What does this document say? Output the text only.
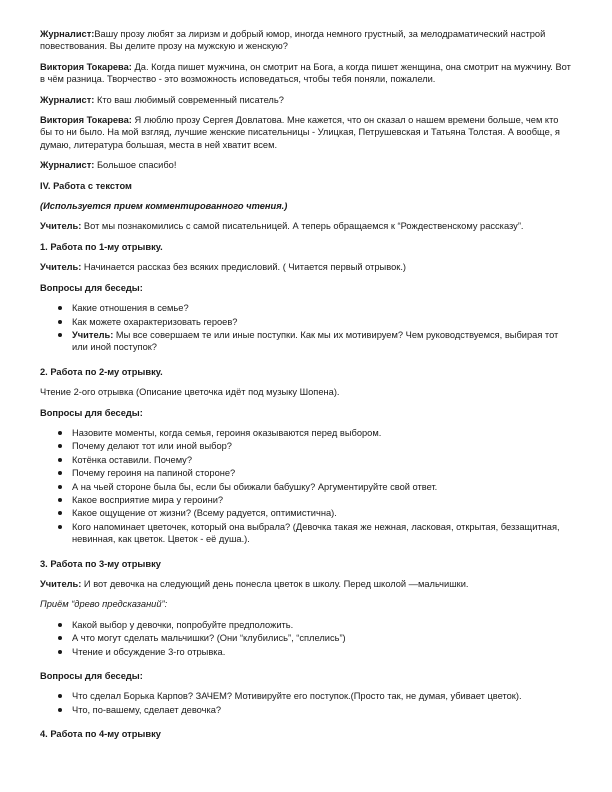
Журналист:Вашу прозу любят за лиризм и добрый юмор, иногда немного грустный, за мелодраматический настрой повествования. Вы делите прозу на мужскую и женскую?

Виктория Токарева: Да. Когда пишет мужчина, он смотрит на Бога, а когда пишет женщина, она смотрит на мужчину. Вот в чём разница. Творчество - это возможность исповедаться, чтобы тебя поняли, пожалели.

Журналист: Кто ваш любимый современный писатель?

Виктория Токарева: Я люблю прозу Сергея Довлатова. Мне кажется, что он сказал о нашем времени больше, чем кто бы то ни было. На мой взгляд, лучшие женские писательницы - Улицкая, Петрушевская и Татьяна Толстая. А вообще, я думаю, литература большая, места в ней хватит всем.

Журналист: Большое спасибо!

IV. Работа с текстом

(Используется прием комментированного чтения.)

Учитель: Вот мы познакомились с самой писательницей. А теперь обращаемся к “Рождественскому рассказу”.

1. Работа по 1-му отрывку.

Учитель: Начинается рассказ без всяких предисловий. ( Читается первый отрывок.)

Вопросы для беседы:

Какие отношения в семье?
Как можете охарактеризовать героев?
Учитель: Мы все совершаем те или иные поступки. Как мы их мотивируем? Чем руководствуемся, выбирая тот или иной поступок?

2. Работа по 2-му отрывку.

Чтение 2-ого отрывка (Описание цветочка идёт под музыку Шопена).

Вопросы для беседы:

Назовите моменты, когда семья, героиня оказываются перед выбором.
Почему делают тот или иной выбор?
Котёнка оставили. Почему?
Почему героиня на папиной стороне?
А на чьей стороне была бы, если бы обижали бабушку? Аргументируйте свой ответ.
Какое восприятие мира у героини?
Какое ощущение от жизни? (Всему радуется, оптимистична).
Кого напоминает цветочек, который она выбрала? (Девочка такая же нежная, ласковая, открытая, беззащитная, невинная, как цветок. Цветок - её душа.).

3. Работа по 3-му отрывку

Учитель: И вот девочка на следующий день понесла цветок в школу. Перед школой —мальчишки.

Приём “древо предсказаний”:

Какой выбор у девочки, попробуйте предположить.
А что могут сделать мальчишки? (Они “клубились”, “сплелись”)
Чтение и обсуждение 3-го отрывка.

Вопросы для беседы:

Что сделал Борька Карпов? ЗАЧЕМ? Мотивируйте его поступок.(Просто так, не думая, убивает цветок).
Что, по-вашему, сделает девочка?

4. Работа по 4-му отрывку
